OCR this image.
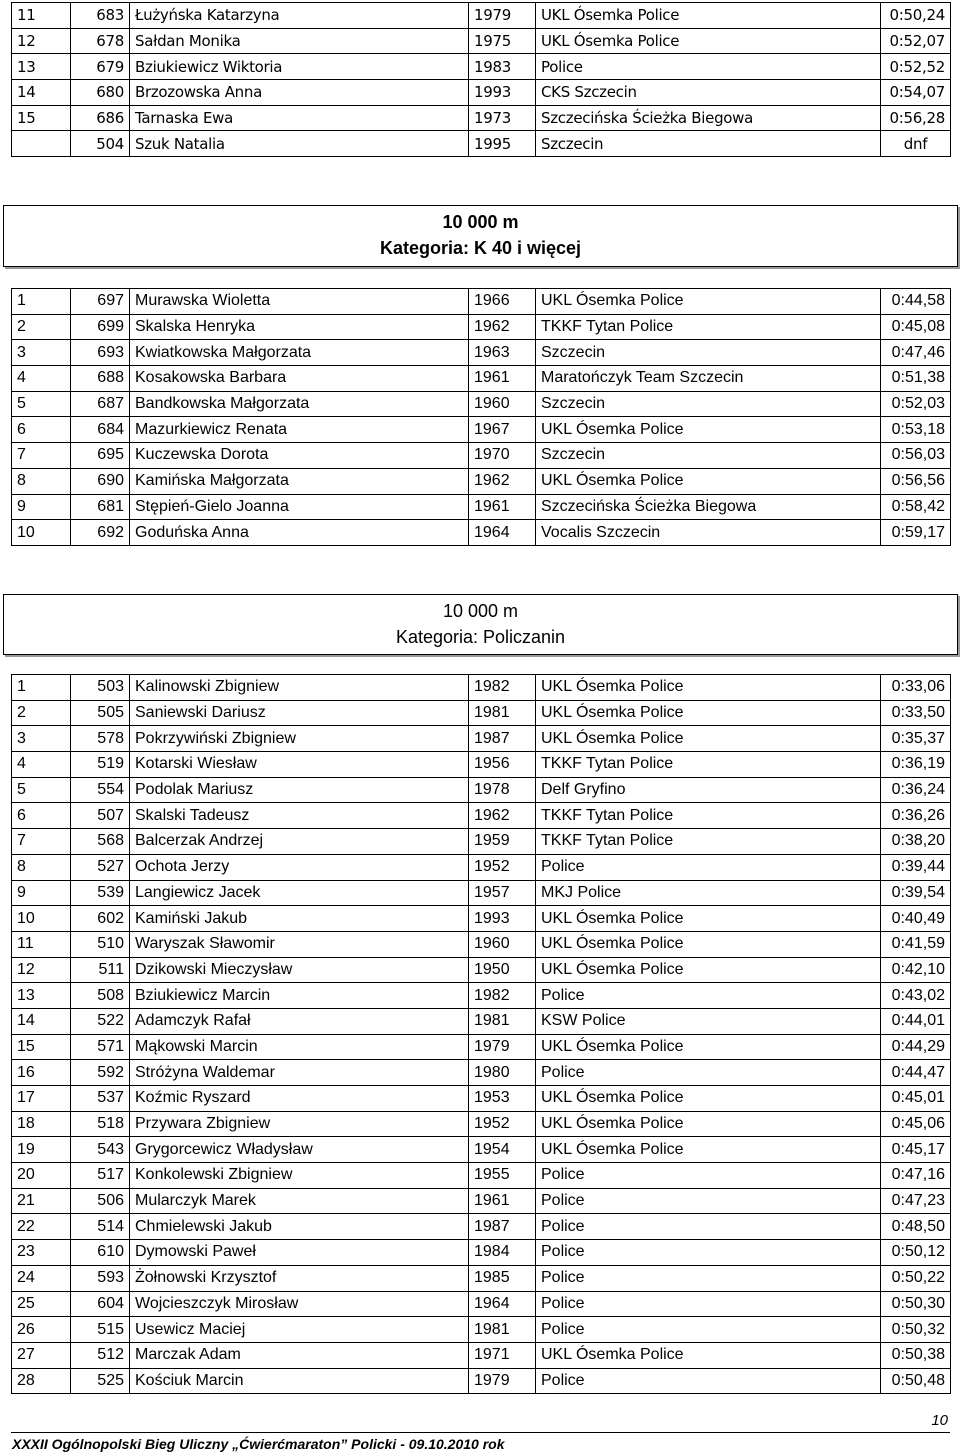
11	683	Łużyńska Katarzyna	1979	UKL Ósemka Police	0:50,24
12	678	Sałdan Monika	1975	UKL Ósemka Police	0:52,07
13	679	Bziukiewicz Wiktoria	1983	Police	0:52,52
14	680	Brzozowska Anna	1993	CKS Szczecin	0:54,07
15	686	Tarnaska Ewa	1973	Szczecińska Ścieżka Biegowa	0:56,28
	504	Szuk Natalia	1995	Szczecin	dnf
10 000 m
Kategoria: K 40 i więcej
1	697	Murawska Wioletta	1966	UKL Ósemka Police	0:44,58
2	699	Skalska Henryka	1962	TKKF Tytan Police	0:45,08
3	693	Kwiatkowska Małgorzata	1963	Szczecin	0:47,46
4	688	Kosakowska Barbara	1961	Maratończyk Team Szczecin	0:51,38
5	687	Bandkowska Małgorzata	1960	Szczecin	0:52,03
6	684	Mazurkiewicz Renata	1967	UKL Ósemka Police	0:53,18
7	695	Kuczewska Dorota	1970	Szczecin	0:56,03
8	690	Kamińska Małgorzata	1962	UKL Ósemka Police	0:56,56
9	681	Stępień-Gielo Joanna	1961	Szczecińska Ścieżka Biegowa	0:58,42
10	692	Goduńska Anna	1964	Vocalis Szczecin	0:59,17
10 000 m
Kategoria: Policzanin
1	503	Kalinowski Zbigniew	1982	UKL Ósemka Police	0:33,06
2	505	Saniewski Dariusz	1981	UKL Ósemka Police	0:33,50
3	578	Pokrzywiński Zbigniew	1987	UKL Ósemka Police	0:35,37
4	519	Kotarski Wiesław	1956	TKKF Tytan Police	0:36,19
5	554	Podolak Mariusz	1978	Delf Gryfino	0:36,24
6	507	Skalski Tadeusz	1962	TKKF Tytan Police	0:36,26
7	568	Balcerzak Andrzej	1959	TKKF Tytan Police	0:38,20
8	527	Ochota Jerzy	1952	Police	0:39,44
9	539	Langiewicz Jacek	1957	MKJ Police	0:39,54
10	602	Kamiński Jakub	1993	UKL Ósemka Police	0:40,49
11	510	Waryszak Sławomir	1960	UKL Ósemka Police	0:41,59
12	511	Dzikowski Mieczysław	1950	UKL Ósemka Police	0:42,10
13	508	Bziukiewicz Marcin	1982	Police	0:43,02
14	522	Adamczyk Rafał	1981	KSW Police	0:44,01
15	571	Mąkowski Marcin	1979	UKL Ósemka Police	0:44,29
16	592	Stróżyna Waldemar	1980	Police	0:44,47
17	537	Koźmic Ryszard	1953	UKL Ósemka Police	0:45,01
18	518	Przywara Zbigniew	1952	UKL Ósemka Police	0:45,06
19	543	Grygorcewicz Władysław	1954	UKL Ósemka Police	0:45,17
20	517	Konkolewski Zbigniew	1955	Police	0:47,16
21	506	Mularczyk Marek	1961	Police	0:47,23
22	514	Chmielewski Jakub	1987	Police	0:48,50
23	610	Dymowski Paweł	1984	Police	0:50,12
24	593	Żołnowski Krzysztof	1985	Police	0:50,22
25	604	Wojcieszczyk Mirosław	1964	Police	0:50,30
26	515	Usewicz Maciej	1981	Police	0:50,32
27	512	Marczak Adam	1971	UKL Ósemka Police	0:50,38
28	525	Kościuk Marcin	1979	Police	0:50,48
10
XXXII Ogólnopolski Bieg Uliczny „Ćwierćmaraton” Policki - 09.10.2010 rok
